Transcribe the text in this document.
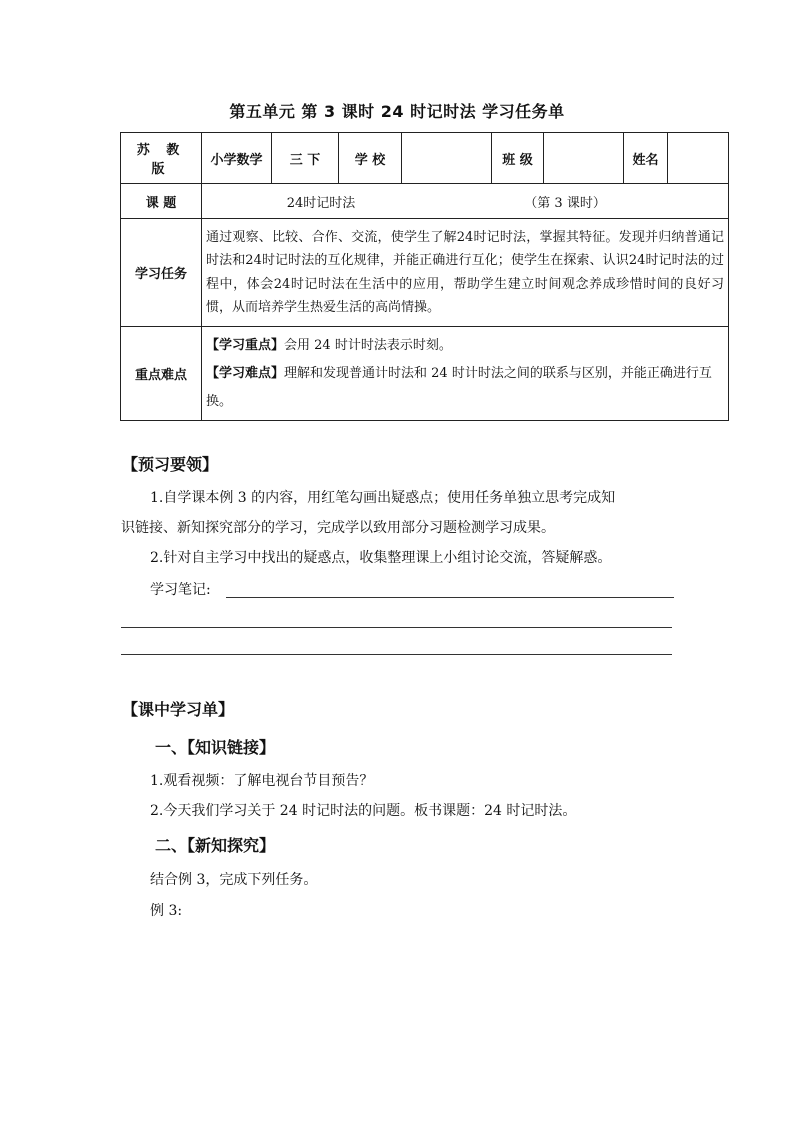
第五单元 第 3 课时 24 时记时法 学习任务单
苏 教 版	小学数学	三 下	学 校		班 级		姓名	
课 题	24时记时法 （第 3 课时）							
学习任务	通过观察、比较、合作、交流，使学生了解24时记时法，掌握其特征。发现并归纳普通记时法和24时记时法的互化规律，并能正确进行互化；使学生在探索、认识24时记时法的过程中，体会24时记时法在生活中的应用，帮助学生建立时间观念养成珍惜时间的良好习惯，从而培养学生热爱生活的高尚情操。							
重点难点	【学习重点】会用 24 时计时法表示时刻。
【学习难点】理解和发现普通计时法和 24 时计时法之间的联系与区别，并能正确进行互换。							
【预习要领】
1.自学课本例 3 的内容，用红笔勾画出疑惑点；使用任务单独立思考完成知
识链接、新知探究部分的学习，完成学以致用部分习题检测学习成果。
2.针对自主学习中找出的疑惑点，收集整理课上小组讨论交流，答疑解惑。
学习笔记:
【课中学习单】
一、【知识链接】
1.观看视频：了解电视台节目预告？
2.今天我们学习关于 24 时记时法的问题。板书课题：24 时记时法。
二、【新知探究】
结合例 3，完成下列任务。
例 3:
